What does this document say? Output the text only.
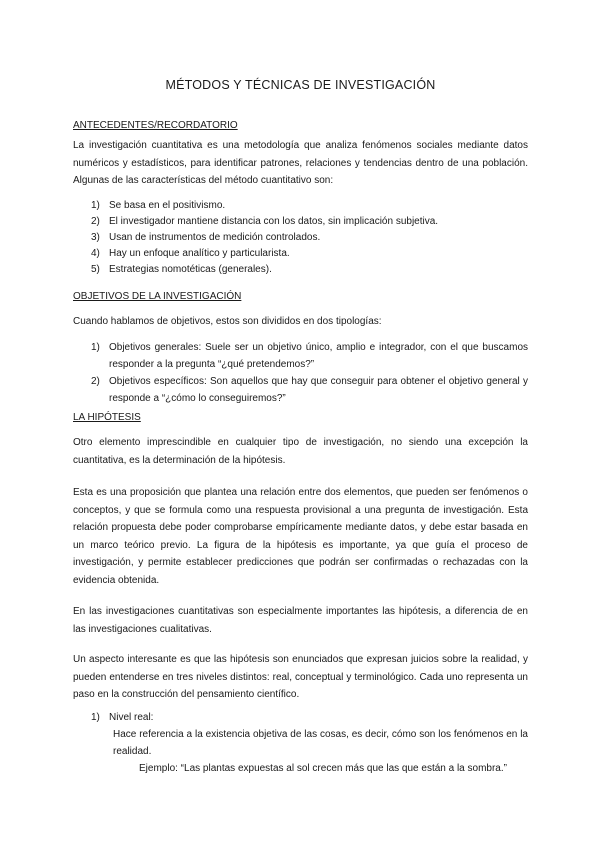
MÉTODOS Y TÉCNICAS DE INVESTIGACIÓN

ANTECEDENTES/RECORDATORIO

La investigación cuantitativa es una metodología que analiza fenómenos sociales mediante datos numéricos y estadísticos, para identificar patrones, relaciones y tendencias dentro de una población. Algunas de las características del método cuantitativo son:

1) Se basa en el positivismo.
2) El investigador mantiene distancia con los datos, sin implicación subjetiva.
3) Usan de instrumentos de medición controlados.
4) Hay un enfoque analítico y particularista.
5) Estrategias nomotéticas (generales).

OBJETIVOS DE LA INVESTIGACIÓN

Cuando hablamos de objetivos, estos son divididos en dos tipologías:

1) Objetivos generales: Suele ser un objetivo único, amplio e integrador, con el que buscamos responder a la pregunta “¿qué pretendemos?”
2) Objetivos específicos: Son aquellos que hay que conseguir para obtener el objetivo general y responde a “¿cómo lo conseguiremos?”

LA HIPÓTESIS

Otro elemento imprescindible en cualquier tipo de investigación, no siendo una excepción la cuantitativa, es la determinación de la hipótesis.

Esta es una proposición que plantea una relación entre dos elementos, que pueden ser fenómenos o conceptos, y que se formula como una respuesta provisional a una pregunta de investigación. Esta relación propuesta debe poder comprobarse empíricamente mediante datos, y debe estar basada en un marco teórico previo. La figura de la hipótesis es importante, ya que guía el proceso de investigación, y permite establecer predicciones que podrán ser confirmadas o rechazadas con la evidencia obtenida.

En las investigaciones cuantitativas son especialmente importantes las hipótesis, a diferencia de en las investigaciones cualitativas.

Un aspecto interesante es que las hipótesis son enunciados que expresan juicios sobre la realidad, y pueden entenderse en tres niveles distintos: real, conceptual y terminológico. Cada uno representa un paso en la construcción del pensamiento científico.

1) Nivel real:

Hace referencia a la existencia objetiva de las cosas, es decir, cómo son los fenómenos en la realidad.

Ejemplo: “Las plantas expuestas al sol crecen más que las que están a la sombra.”
